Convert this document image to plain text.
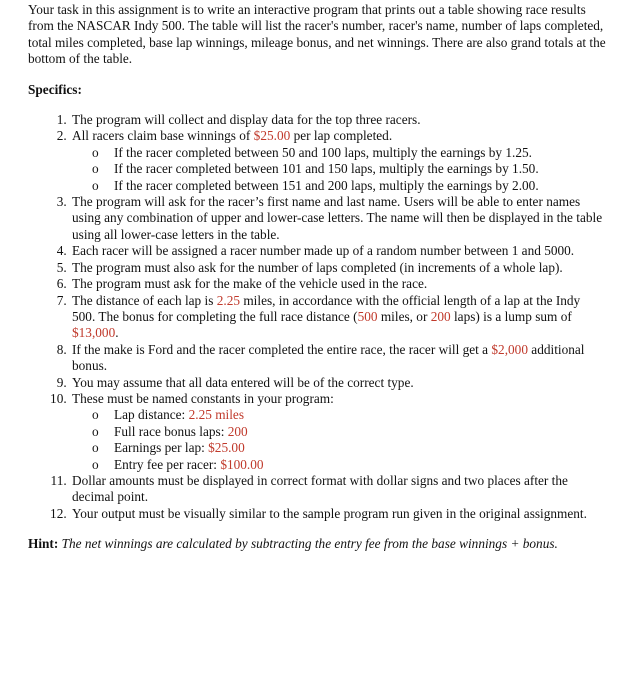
Your task in this assignment is to write an interactive program that prints out a table showing race results from the NASCAR Indy 500. The table will list the racer's number, racer's name, number of laps completed, total miles completed, base lap winnings, mileage bonus, and net winnings. There are also grand totals at the bottom of the table.

Specifics:

1. The program will collect and display data for the top three racers.
2. All racers claim base winnings of $25.00 per lap completed.
o If the racer completed between 50 and 100 laps, multiply the earnings by 1.25.
o If the racer completed between 101 and 150 laps, multiply the earnings by 1.50.
o If the racer completed between 151 and 200 laps, multiply the earnings by 2.00.
3. The program will ask for the racer’s first name and last name. Users will be able to enter names using any combination of upper and lower-case letters. The name will then be displayed in the table using all lower-case letters in the table.
4. Each racer will be assigned a racer number made up of a random number between 1 and 5000.
5. The program must also ask for the number of laps completed (in increments of a whole lap).
6. The program must ask for the make of the vehicle used in the race.
7. The distance of each lap is 2.25 miles, in accordance with the official length of a lap at the Indy 500. The bonus for completing the full race distance (500 miles, or 200 laps) is a lump sum of $13,000.
8. If the make is Ford and the racer completed the entire race, the racer will get a $2,000 additional bonus.
9. You may assume that all data entered will be of the correct type.
10. These must be named constants in your program:
o Lap distance: 2.25 miles
o Full race bonus laps: 200
o Earnings per lap: $25.00
o Entry fee per racer: $100.00
11. Dollar amounts must be displayed in correct format with dollar signs and two places after the decimal point.
12. Your output must be visually similar to the sample program run given in the original assignment.

Hint: The net winnings are calculated by subtracting the entry fee from the base winnings + bonus.
